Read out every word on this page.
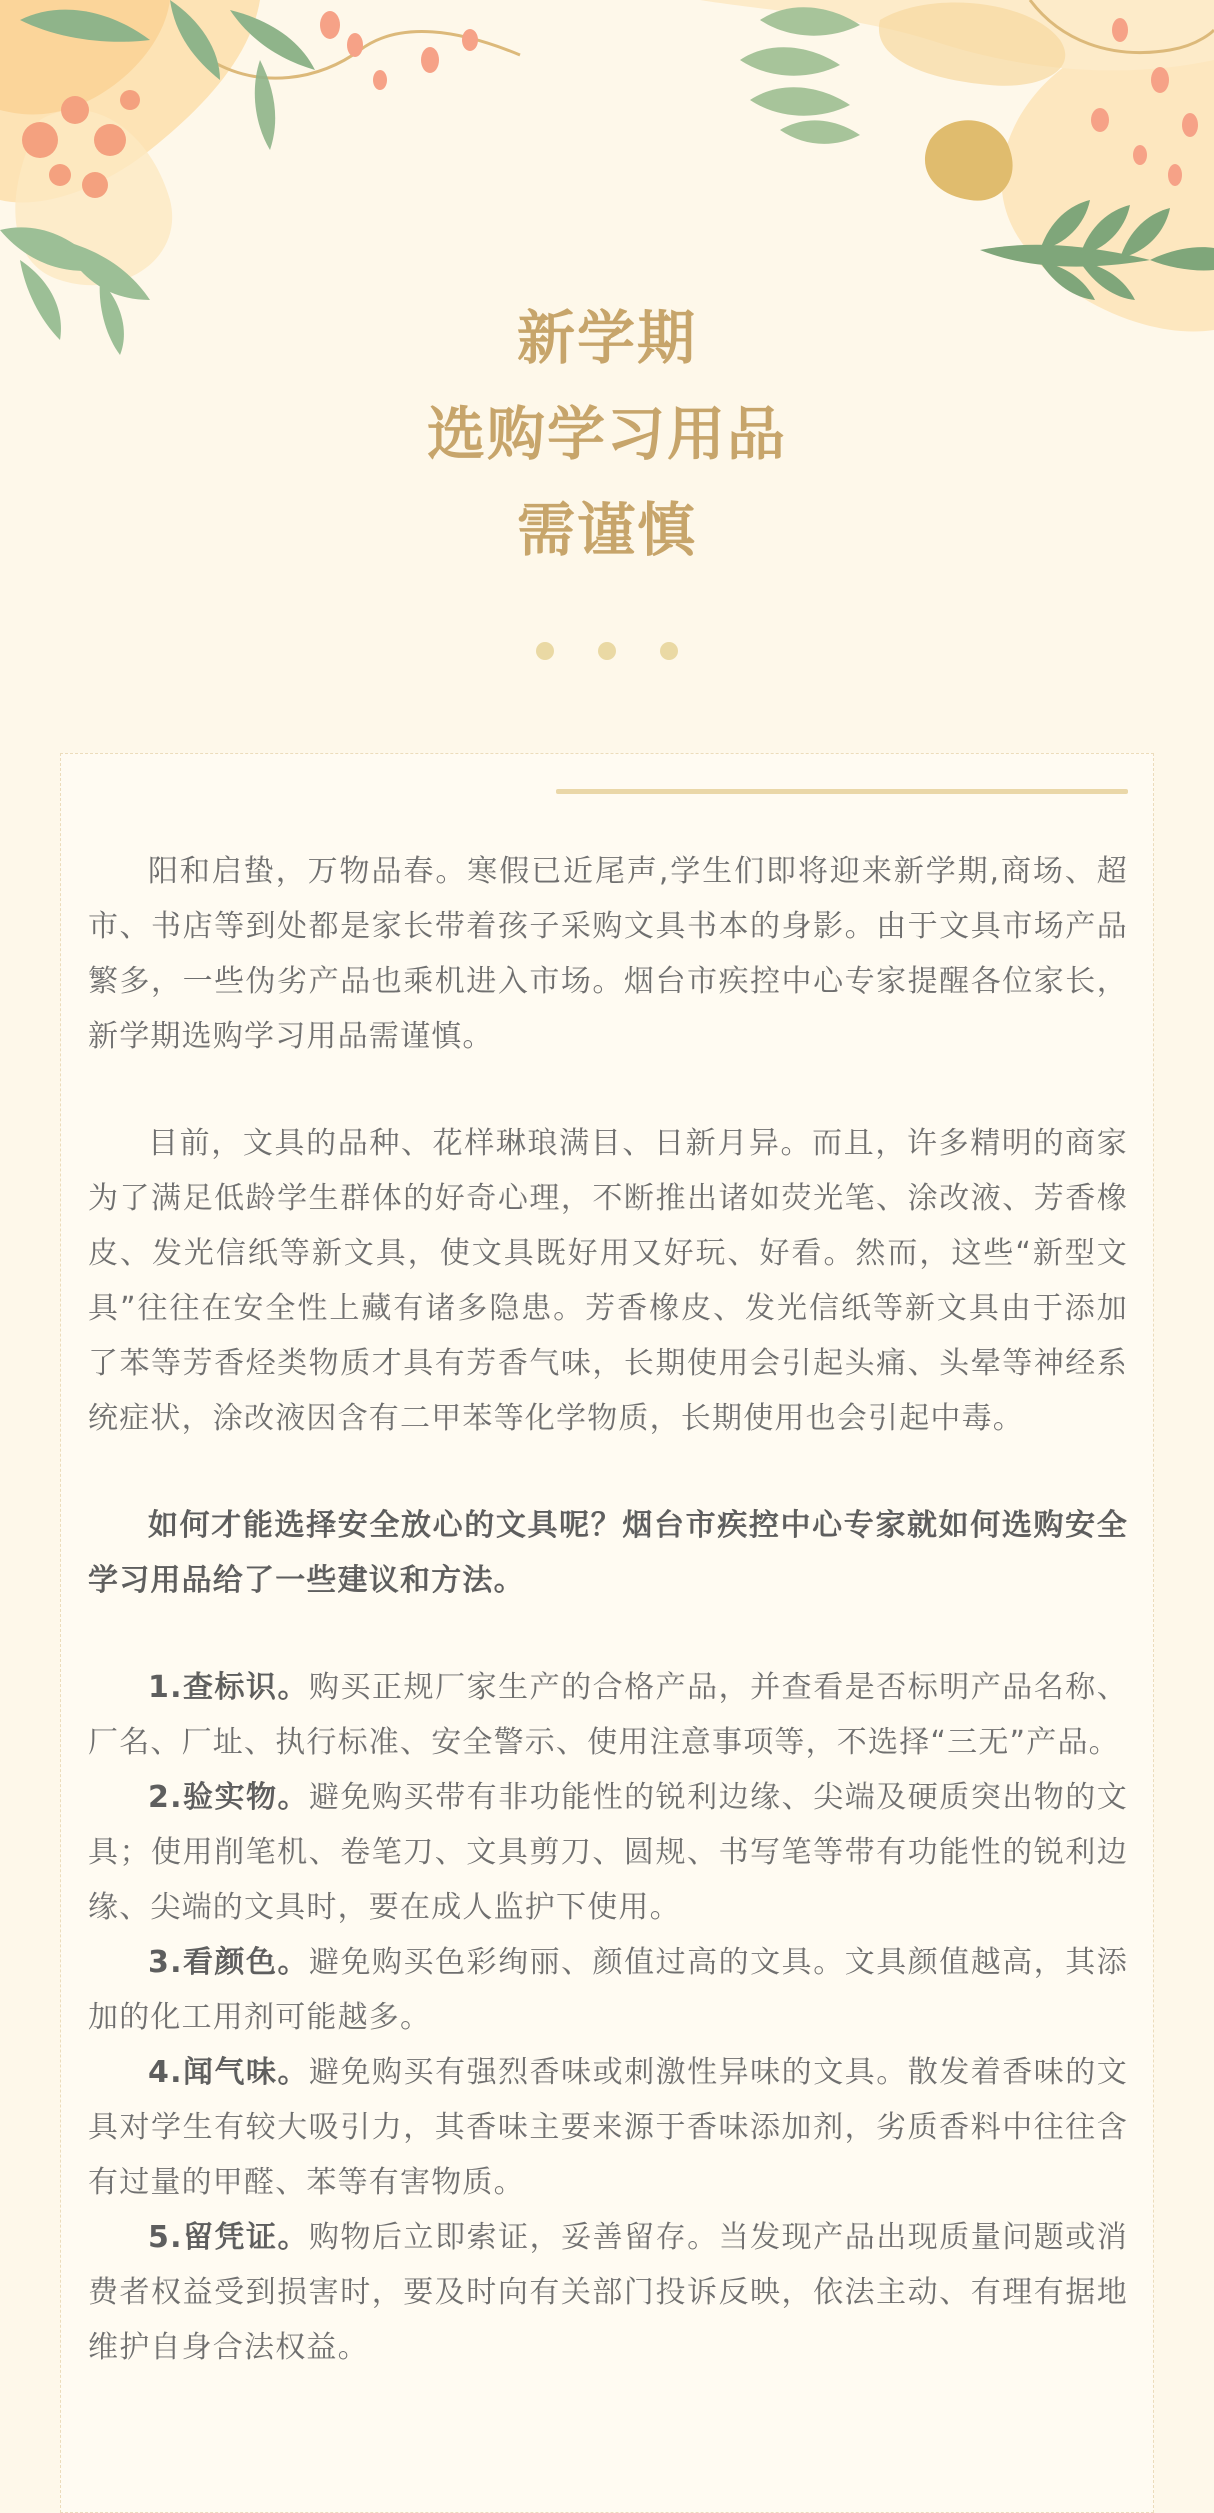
新学期
选购学习用品
需谨慎

阳和启蛰，万物品春。寒假已近尾声,学生们即将迎来新学期,商场、超市、书店等到处都是家长带着孩子采购文具书本的身影。由于文具市场产品繁多，一些伪劣产品也乘机进入市场。烟台市疾控中心专家提醒各位家长，新学期选购学习用品需谨慎。

目前，文具的品种、花样琳琅满目、日新月异。而且，许多精明的商家为了满足低龄学生群体的好奇心理，不断推出诸如荧光笔、涂改液、芳香橡皮、发光信纸等新文具，使文具既好用又好玩、好看。然而，这些“新型文具”往往在安全性上藏有诸多隐患。芳香橡皮、发光信纸等新文具由于添加了苯等芳香烃类物质才具有芳香气味，长期使用会引起头痛、头晕等神经系统症状，涂改液因含有二甲苯等化学物质，长期使用也会引起中毒。

如何才能选择安全放心的文具呢？烟台市疾控中心专家就如何选购安全学习用品给了一些建议和方法。

1.查标识。购买正规厂家生产的合格产品，并查看是否标明产品名称、厂名、厂址、执行标准、安全警示、使用注意事项等，不选择“三无”产品。

2.验实物。避免购买带有非功能性的锐利边缘、尖端及硬质突出物的文具；使用削笔机、卷笔刀、文具剪刀、圆规、书写笔等带有功能性的锐利边缘、尖端的文具时，要在成人监护下使用。

3.看颜色。避免购买色彩绚丽、颜值过高的文具。文具颜值越高，其添加的化工用剂可能越多。

4.闻气味。避免购买有强烈香味或刺激性异味的文具。散发着香味的文具对学生有较大吸引力，其香味主要来源于香味添加剂，劣质香料中往往含有过量的甲醛、苯等有害物质。

5.留凭证。购物后立即索证，妥善留存。当发现产品出现质量问题或消费者权益受到损害时，要及时向有关部门投诉反映，依法主动、有理有据地维护自身合法权益。
